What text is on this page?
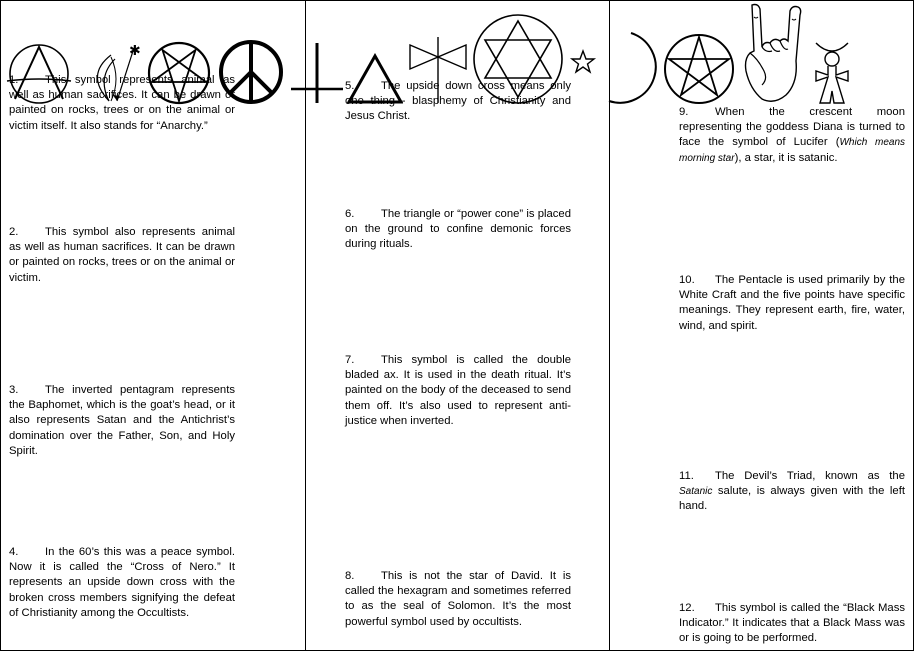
1. This symbol represents animal as well as human sacrifices. It can be drawn or painted on rocks, trees or on the animal or victim itself. It also stands for “Anarchy.”
✱

2. This symbol also represents animal as well as human sacrifices. It can be drawn or painted on rocks, trees or on the animal or victim.

3. The inverted pentagram represents the Baphomet, which is the goat’s head, or it also represents Satan and the Antichrist’s domination over the Father, Son, and Holy Spirit.

4. In the 60’s this was a peace symbol. Now it is called the “Cross of Nero.” It represents an upside down cross with the broken cross members signifying the defeat of Christianity among the Occultists.

5. The upside down cross means only one thing - blasphemy of Christianity and Jesus Christ.

6. The triangle or “power cone” is placed on the ground to confine demonic forces during rituals.

7. This symbol is called the double bladed ax. It is used in the death ritual. It’s painted on the body of the deceased to send them off. It’s also used to represent anti-justice when inverted.

8. This is not the star of David. It is called the hexagram and sometimes referred to as the seal of Solomon. It’s the most powerful symbol used by occultists.

9. When the crescent moon representing the goddess Diana is turned to face the symbol of Lucifer (Which means morning star), a star, it is satanic.

10. The Pentacle is used primarily by the White Craft and the five points have specific meanings. They represent earth, fire, water, wind, and spirit.

11. The Devil’s Triad, known as the Satanic salute, is always given with the left hand.
12. This symbol is called the “Black Mass Indicator.” It indicates that a Black Mass was or is going to be performed.
